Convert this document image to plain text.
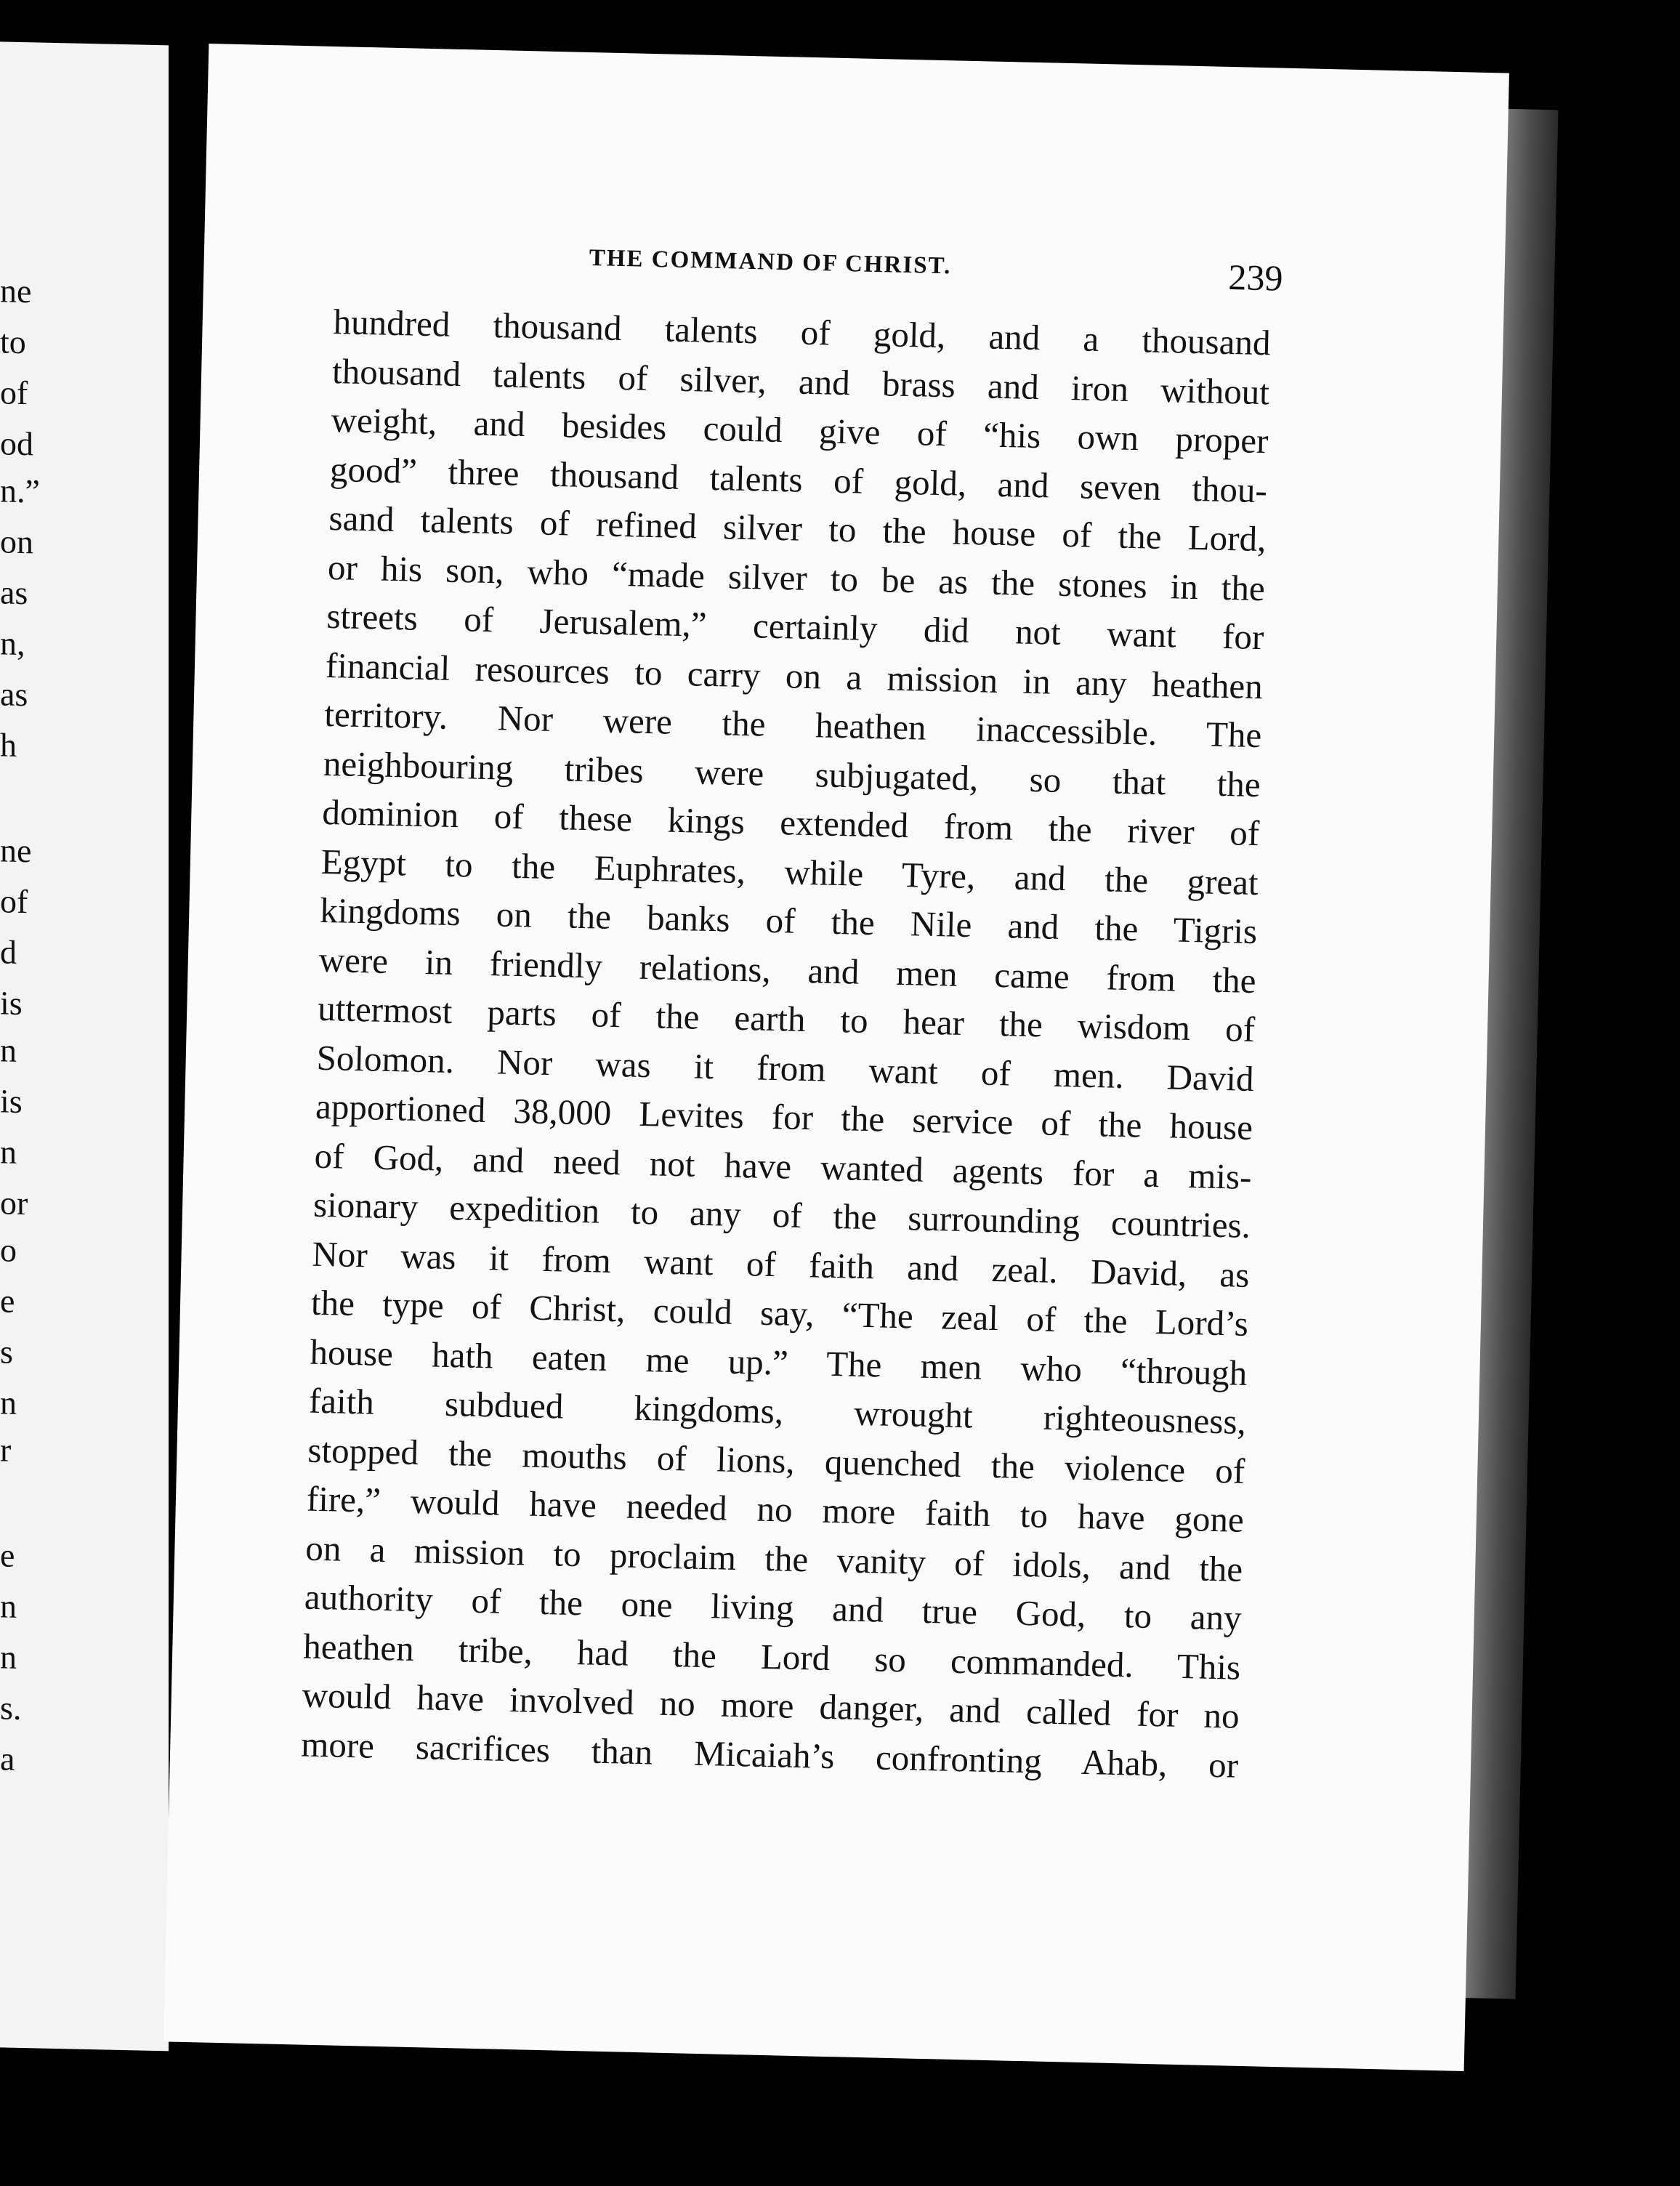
ne
to
of
od
n.”
on
as
n,
as
h
ne
of
d
is
n
is
n
or
o
e
s
n
r
e
n
n
s.
a
THE COMMAND OF CHRIST.	239
hundred thousand talents of gold, and a thousand
thousand talents of silver, and brass and iron without
weight, and besides could give of “his own proper
good” three thousand talents of gold, and seven thou-
sand talents of refined silver to the house of the Lord,
or his son, who “made silver to be as the stones in the
streets of Jerusalem,” certainly did not want for
financial resources to carry on a mission in any heathen
territory. Nor were the heathen inaccessible. The
neighbouring tribes were subjugated, so that the
dominion of these kings extended from the river of
Egypt to the Euphrates, while Tyre, and the great
kingdoms on the banks of the Nile and the Tigris
were in friendly relations, and men came from the
uttermost parts of the earth to hear the wisdom of
Solomon. Nor was it from want of men. David
apportioned 38,000 Levites for the service of the house
of God, and need not have wanted agents for a mis-
sionary expedition to any of the surrounding countries.
Nor was it from want of faith and zeal. David, as
the type of Christ, could say, “The zeal of the Lord’s
house hath eaten me up.” The men who “through
faith subdued kingdoms, wrought righteousness,
stopped the mouths of lions, quenched the violence of
fire,” would have needed no more faith to have gone
on a mission to proclaim the vanity of idols, and the
authority of the one living and true God, to any
heathen tribe, had the Lord so commanded. This
would have involved no more danger, and called for no
more sacrifices than Micaiah’s confronting Ahab, or
